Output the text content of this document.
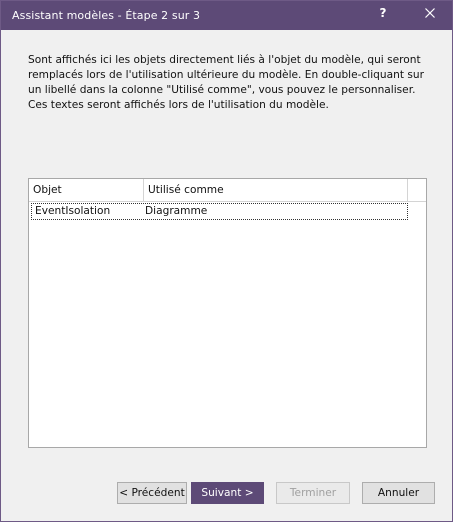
Assistant modèles - Étape 2 sur 3	?
Sont affichés ici les objets directement liés à l'objet du modèle, qui seront remplacés lors de l'utilisation ultérieure du modèle. En double-cliquant sur un libellé dans la colonne "Utilisé comme", vous pouvez le personnaliser. Ces textes seront affichés lors de l'utilisation du modèle.
Objet	Utilisé comme
EventIsolation	Diagramme
< Précédent	Suivant >	Terminer	Annuler
